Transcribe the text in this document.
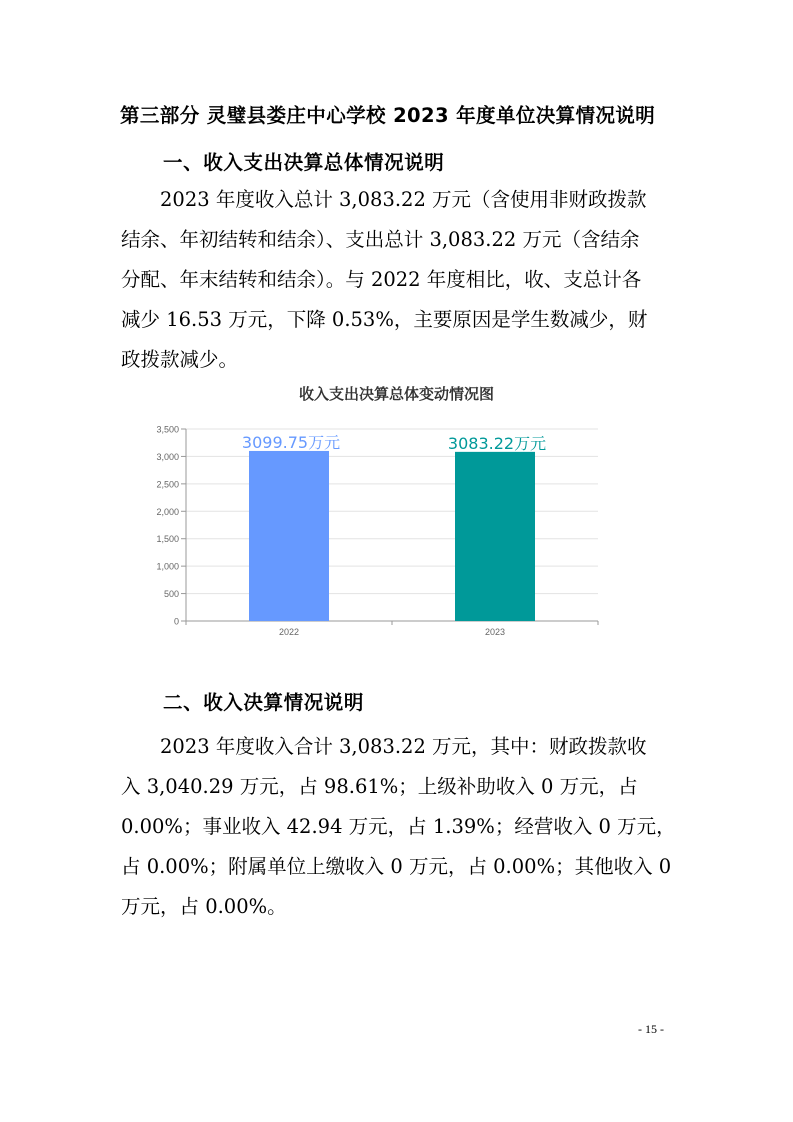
第三部分 灵璧县娄庄中心学校 2023 年度单位决算情况说明
一、收入支出决算总体情况说明
2023 年度收入总计 3,083.22 万元（含使用非财政拨款
结余、年初结转和结余）、支出总计 3,083.22 万元（含结余
分配、年末结转和结余）。与 2022 年度相比，收、支总计各
减少 16.53 万元，下降 0.53%，主要原因是学生数减少，财
政拨款减少。
收入支出决算总体变动情况图
0
500
1,000
1,500
2,000
2,500
3,000
3,500
3099.75万元
2022
3083.22万元
2023
二、收入决算情况说明
2023 年度收入合计 3,083.22 万元，其中：财政拨款收
入 3,040.29 万元，占 98.61%；上级补助收入 0 万元，占
0.00%；事业收入 42.94 万元，占 1.39%；经营收入 0 万元，
占 0.00%；附属单位上缴收入 0 万元，占 0.00%；其他收入 0
万元，占 0.00%。
- 15 -
